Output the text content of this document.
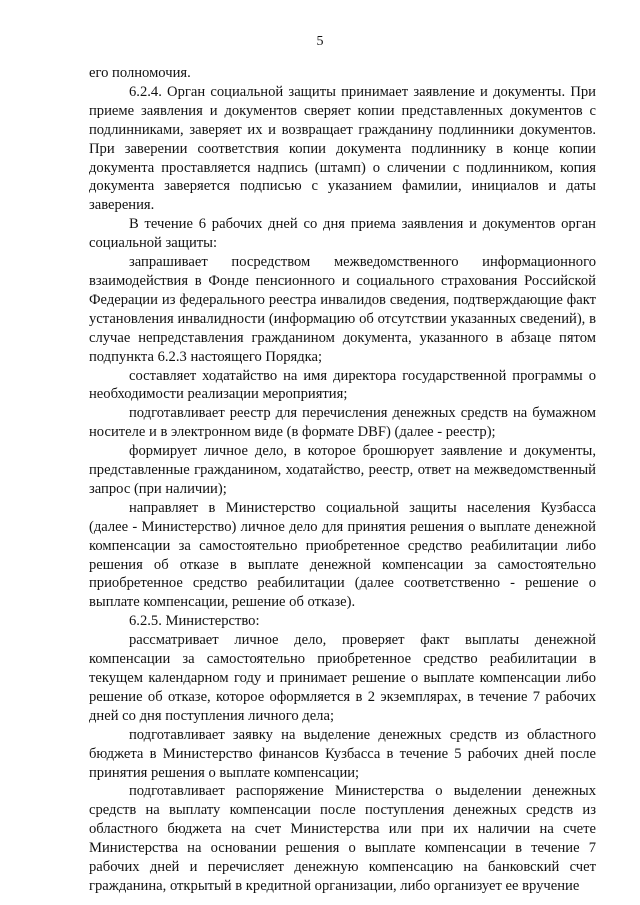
5

его полномочия.

6.2.4. Орган социальной защиты принимает заявление и документы. При приеме заявления и документов сверяет копии представленных документов с подлинниками, заверяет их и возвращает гражданину подлинники документов. При заверении соответствия копии документа подлиннику в конце копии документа проставляется надпись (штамп) о сличении с подлинником, копия документа заверяется подписью с указанием фамилии, инициалов и даты заверения.

В течение 6 рабочих дней со дня приема заявления и документов орган социальной защиты:

запрашивает посредством межведомственного информационного взаимодействия в Фонде пенсионного и социального страхования Российской Федерации из федерального реестра инвалидов сведения, подтверждающие факт установления инвалидности (информацию об отсутствии указанных сведений), в случае непредставления гражданином документа, указанного в абзаце пятом подпункта 6.2.3 настоящего Порядка;

составляет ходатайство на имя директора государственной программы о необходимости реализации мероприятия;

подготавливает реестр для перечисления денежных средств на бумажном носителе и в электронном виде (в формате DBF) (далее - реестр);

формирует личное дело, в которое брошюрует заявление и документы, представленные гражданином, ходатайство, реестр, ответ на межведомственный запрос (при наличии);

направляет в Министерство социальной защиты населения Кузбасса (далее - Министерство) личное дело для принятия решения о выплате денежной компенсации за самостоятельно приобретенное средство реабилитации либо решения об отказе в выплате денежной компенсации за самостоятельно приобретенное средство реабилитации (далее соответственно - решение о выплате компенсации, решение об отказе).

6.2.5. Министерство:

рассматривает личное дело, проверяет факт выплаты денежной компенсации за самостоятельно приобретенное средство реабилитации в текущем календарном году и принимает решение о выплате компенсации либо решение об отказе, которое оформляется в 2 экземплярах, в течение 7 рабочих дней со дня поступления личного дела;

подготавливает заявку на выделение денежных средств из областного бюджета в Министерство финансов Кузбасса в течение 5 рабочих дней после принятия решения о выплате компенсации;

подготавливает распоряжение Министерства о выделении денежных средств на выплату компенсации после поступления денежных средств из областного бюджета на счет Министерства или при их наличии на счете Министерства на основании решения о выплате компенсации в течение 7 рабочих дней и перечисляет денежную компенсацию на банковский счет гражданина, открытый в кредитной организации, либо организует ее вручение
